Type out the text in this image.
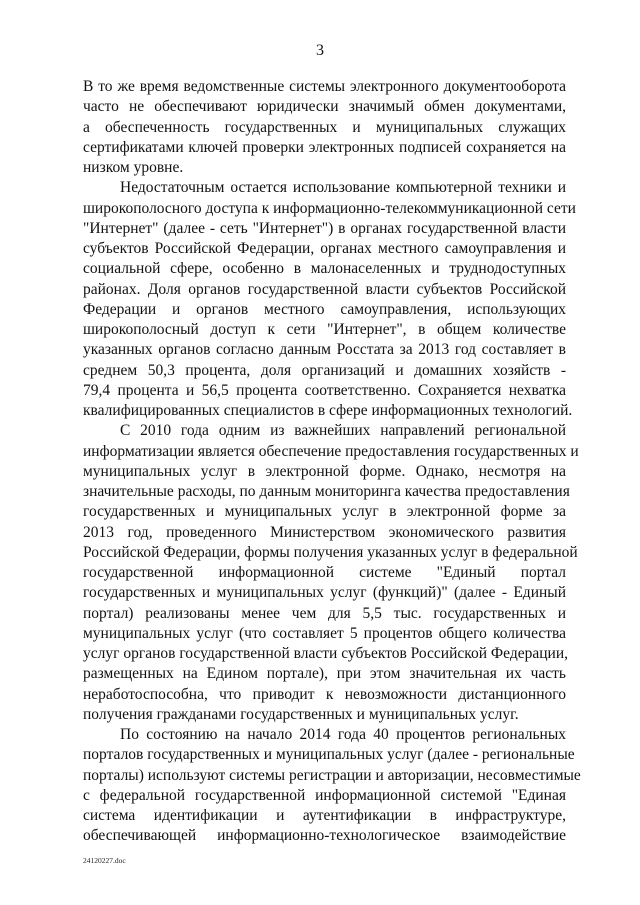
3
В то же время ведомственные системы электронного документооборота
часто не обеспечивают юридически значимый обмен документами,
а обеспеченность государственных и муниципальных служащих
сертификатами ключей проверки электронных подписей сохраняется на
низком уровне.
Недостаточным остается использование компьютерной техники и
широкополосного доступа к информационно-телекоммуникационной сети
"Интернет" (далее - сеть "Интернет") в органах государственной власти
субъектов Российской Федерации, органах местного самоуправления и
социальной сфере, особенно в малонаселенных и труднодоступных
районах. Доля органов государственной власти субъектов Российской
Федерации и органов местного самоуправления, использующих
широкополосный доступ к сети "Интернет", в общем количестве
указанных органов согласно данным Росстата за 2013 год составляет в
среднем 50,3 процента, доля организаций и домашних хозяйств -
79,4 процента и 56,5 процента соответственно. Сохраняется нехватка
квалифицированных специалистов в сфере информационных технологий.
С 2010 года одним из важнейших направлений региональной
информатизации является обеспечение предоставления государственных и
муниципальных услуг в электронной форме. Однако, несмотря на
значительные расходы, по данным мониторинга качества предоставления
государственных и муниципальных услуг в электронной форме за
2013 год, проведенного Министерством экономического развития
Российской Федерации, формы получения указанных услуг в федеральной
государственной информационной системе "Единый портал
государственных и муниципальных услуг (функций)" (далее - Единый
портал) реализованы менее чем для 5,5 тыс. государственных и
муниципальных услуг (что составляет 5 процентов общего количества
услуг органов государственной власти субъектов Российской Федерации,
размещенных на Едином портале), при этом значительная их часть
неработоспособна, что приводит к невозможности дистанционного
получения гражданами государственных и муниципальных услуг.
По состоянию на начало 2014 года 40 процентов региональных
порталов государственных и муниципальных услуг (далее - региональные
порталы) используют системы регистрации и авторизации, несовместимые
с федеральной государственной информационной системой "Единая
система идентификации и аутентификации в инфраструктуре,
обеспечивающей информационно-технологическое взаимодействие
24120227.doc
